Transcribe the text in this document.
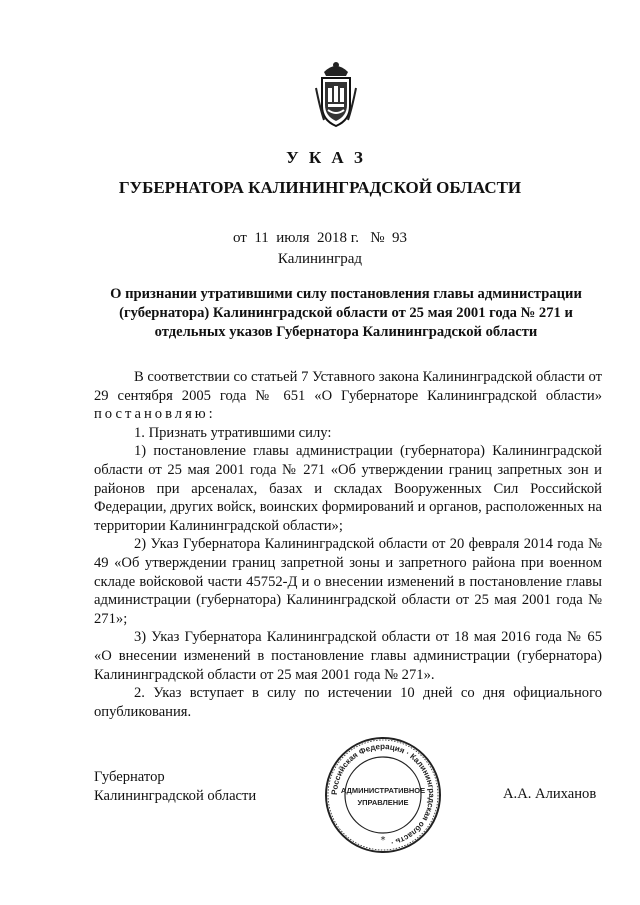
У К А З
ГУБЕРНАТОРА КАЛИНИНГРАДСКОЙ ОБЛАСТИ
от 11 июля 2018 г. № 93
Калининград
О признании утратившими силу постановления главы администрации (губернатора) Калининградской области от 25 мая 2001 года № 271 и отдельных указов Губернатора Калининградской области

В соответствии со статьей 7 Уставного закона Калининградской области от 29 сентября 2005 года № 651 «О Губернаторе Калининградской области» постановляю:

1. Признать утратившими силу:

1) постановление главы администрации (губернатора) Калининградской области от 25 мая 2001 года № 271 «Об утверждении границ запретных зон и районов при арсеналах, базах и складах Вооруженных Сил Российской Федерации, других войск, воинских формирований и органов, расположенных на территории Калининградской области»;

2) Указ Губернатора Калининградской области от 20 февраля 2014 года № 49 «Об утверждении границ запретной зоны и запретного района при военном складе войсковой части 45752-Д и о внесении изменений в постановление главы администрации (губернатора) Калининградской области от 25 мая 2001 года № 271»;

3) Указ Губернатора Калининградской области от 18 мая 2016 года № 65 «О внесении изменений в постановление главы администрации (губернатора) Калининградской области от 25 мая 2001 года № 271».

2. Указ вступает в силу по истечении 10 дней со дня официального опубликования.

Губернатор
Калининградской области	Российская Федерация · Калининградская область ·
АДМИНИСТРАТИВНОЕ
УПРАВЛЕНИЕ
*
А.А. Алиханов
